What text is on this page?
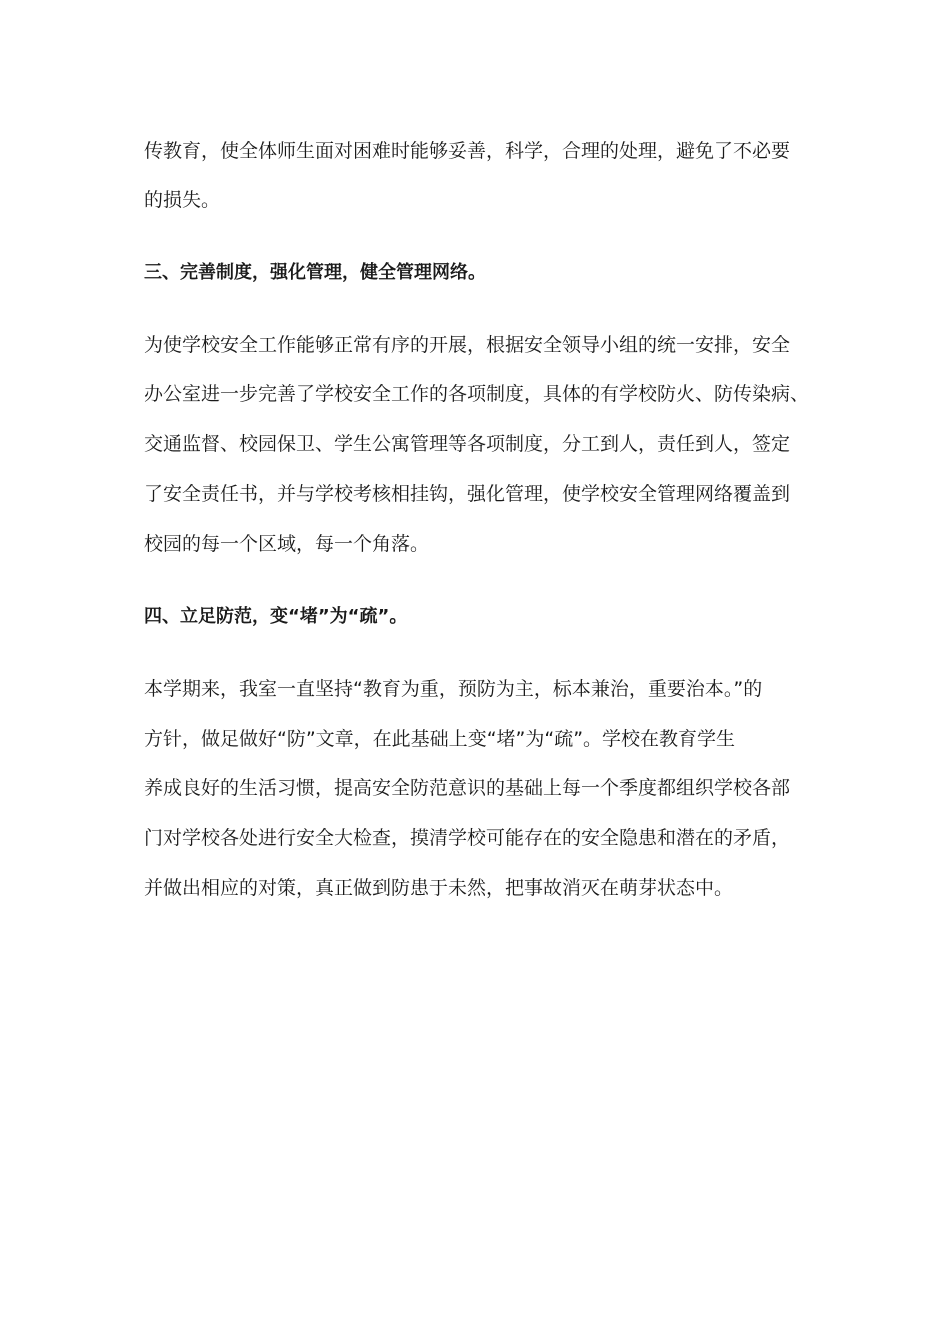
传教育，使全体师生面对困难时能够妥善，科学，合理的处理，避免了不必要
的损失。
三、完善制度，强化管理，健全管理网络。
为使学校安全工作能够正常有序的开展，根据安全领导小组的统一安排，安全
办公室进一步完善了学校安全工作的各项制度，具体的有学校防火、防传染病、
交通监督、校园保卫、学生公寓管理等各项制度，分工到人，责任到人，签定
了安全责任书，并与学校考核相挂钩，强化管理，使学校安全管理网络覆盖到
校园的每一个区域，每一个角落。
四、立足防范，变“堵”为“疏”。
本学期来，我室一直坚持“教育为重，预防为主，标本兼治，重要治本。”的
方针，做足做好“防”文章，在此基础上变“堵”为“疏”。学校在教育学生
养成良好的生活习惯，提高安全防范意识的基础上每一个季度都组织学校各部
门对学校各处进行安全大检查，摸清学校可能存在的安全隐患和潜在的矛盾，
并做出相应的对策，真正做到防患于未然，把事故消灭在萌芽状态中。
